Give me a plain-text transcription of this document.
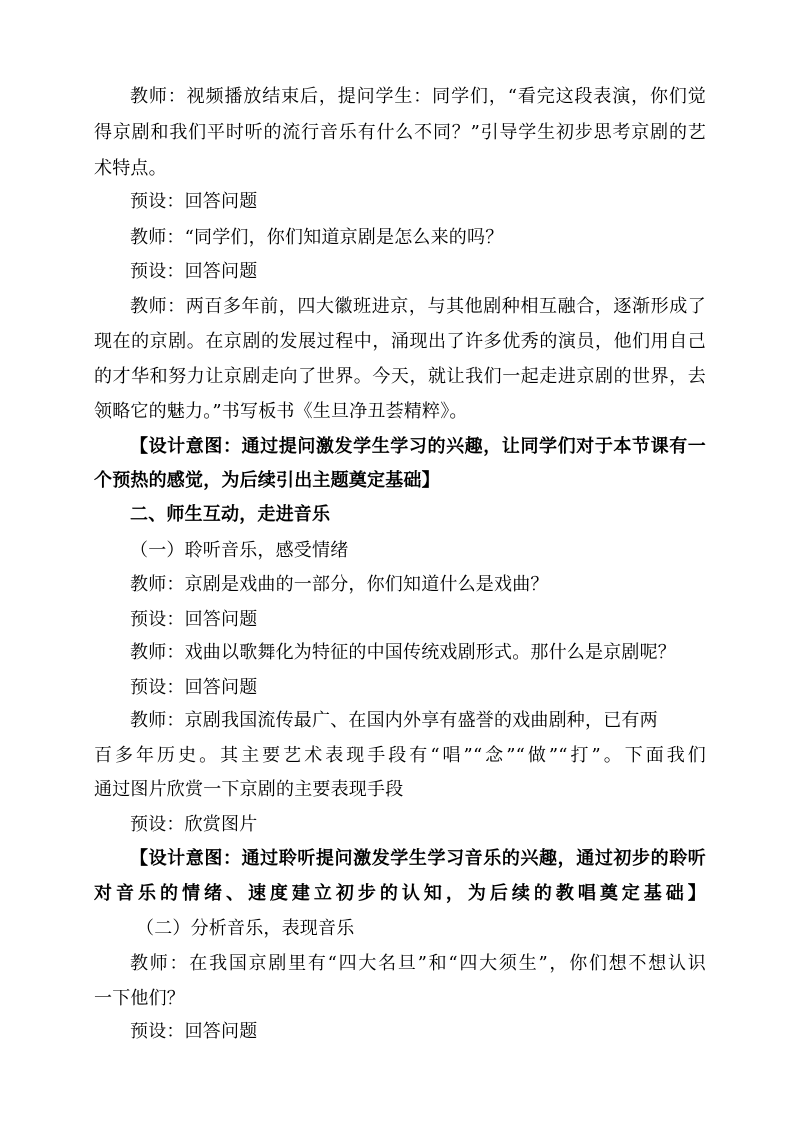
教师：视频播放结束后，提问学生：同学们，“看完这段表演，你们觉
得京剧和我们平时听的流行音乐有什么不同？”引导学生初步思考京剧的艺
术特点。
预设：回答问题
教师：“同学们，你们知道京剧是怎么来的吗？
预设：回答问题
教师：两百多年前，四大徽班进京，与其他剧种相互融合，逐渐形成了
现在的京剧。在京剧的发展过程中，涌现出了许多优秀的演员，他们用自己
的才华和努力让京剧走向了世界。今天，就让我们一起走进京剧的世界，去
领略它的魅力。”书写板书《生旦净丑荟精粹》。
【设计意图：通过提问激发学生学习的兴趣，让同学们对于本节课有一
个预热的感觉，为后续引出主题奠定基础】
二、师生互动，走进音乐
（一）聆听音乐，感受情绪
教师：京剧是戏曲的一部分，你们知道什么是戏曲？
预设：回答问题
教师：戏曲以歌舞化为特征的中国传统戏剧形式。那什么是京剧呢？
预设：回答问题
教师：京剧我国流传最广、在国内外享有盛誉的戏曲剧种，已有两
百多年历史。其主要艺术表现手段有“唱”“念”“做”“打”。下面我们
通过图片欣赏一下京剧的主要表现手段
预设：欣赏图片
【设计意图：通过聆听提问激发学生学习音乐的兴趣，通过初步的聆听
对音乐的情绪、速度建立初步的认知，为后续的教唱奠定基础】
（二）分析音乐，表现音乐
教师：在我国京剧里有“四大名旦”和“四大须生”，你们想不想认识
一下他们？
预设：回答问题
